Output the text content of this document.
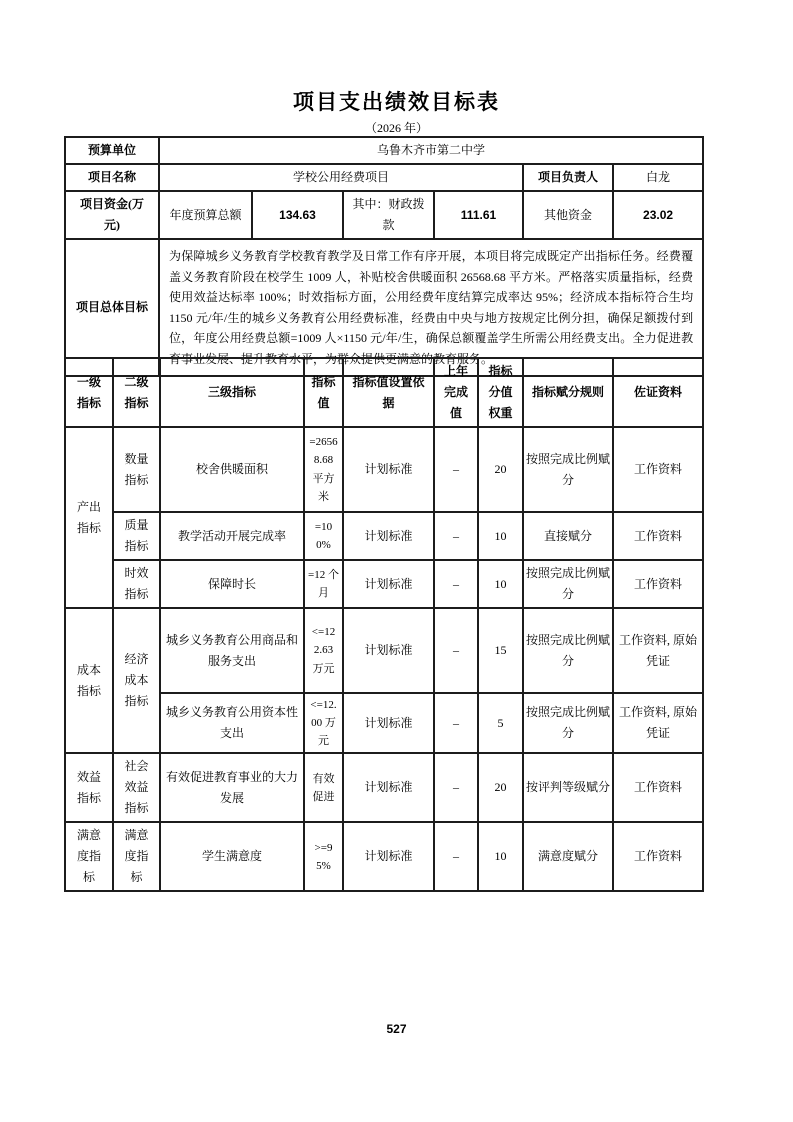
项目支出绩效目标表
（2026 年）
预算单位	乌鲁木齐市第二中学					
项目名称	学校公用经费项目				项目负责人	白龙
项目资金(万元)	年度预算总额	134.63	其中：财政拨款	111.61	其他资金	23.02
项目总体目标	为保障城乡义务教育学校教育教学及日常工作有序开展，本项目将完成既定产出指标任务。经费覆盖义务教育阶段在校学生 1009 人，补贴校舍供暖面积 26568.68 平方米。严格落实质量指标，经费使用效益达标率 100%；时效指标方面，公用经费年度结算完成率达 95%；经济成本指标符合生均 1150 元/年/生的城乡义务教育公用经费标准，经费由中央与地方按规定比例分担，确保足额拨付到位，年度公用经费总额=1009 人×1150 元/年/生，确保总额覆盖学生所需公用经费支出。全力促进教育事业发展、提升教育水平，为群众提供更满意的教育服务。					
一级指标	二级指标	三级指标	指标值	指标值设置依据	上年完成值	指标分值权重	指标赋分规则	佐证资料
产出指标	数量指标	校舍供暖面积	=26568.68 平方米	计划标准	–	20	按照完成比例赋分	工作资料
	质量指标	教学活动开展完成率	=100%	计划标准	–	10	直接赋分	工作资料
	时效指标	保障时长	=12 个月	计划标准	–	10	按照完成比例赋分	工作资料
成本指标	经济成本指标	城乡义务教育公用商品和服务支出	<=122.63 万元	计划标准	–	15	按照完成比例赋分	工作资料, 原始凭证
		城乡义务教育公用资本性支出	<=12.00 万元	计划标准	–	5	按照完成比例赋分	工作资料, 原始凭证
效益指标	社会效益指标	有效促进教育事业的大力发展	有效促进	计划标准	–	20	按评判等级赋分	工作资料
满意度指标	满意度指标	学生满意度	>=95%	计划标准	–	10	满意度赋分	工作资料
527
